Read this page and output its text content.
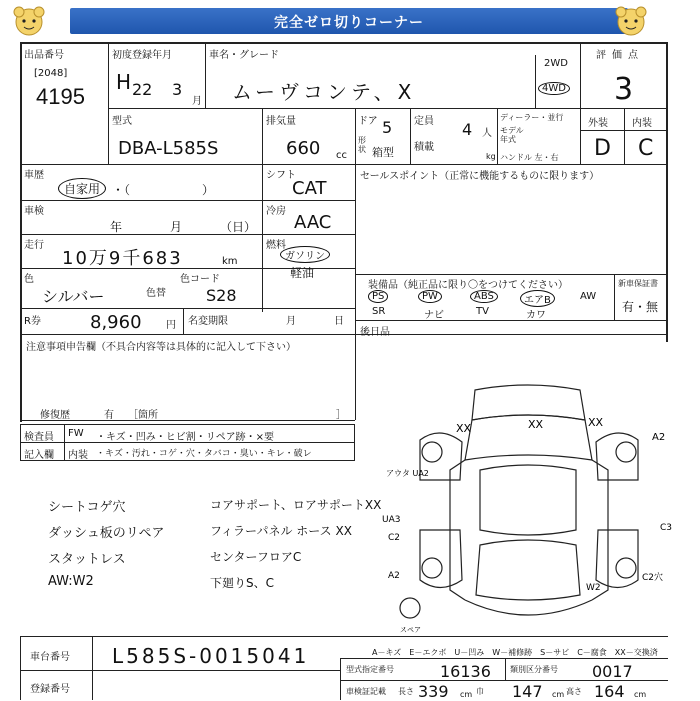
完全ゼロ切りコーナー
出品番号
[2048]
4195
初度登録年月
H 22 3
月
車名・グレード
ムーヴコンテ、X
2WD
4WD
評価点
3
外装 内装
D C
型式
DBA-L585S
排気量
660 cc
ドア 5
形状 箱型
定員 4 人
積載
kg
ディーラー・並行
モデル年式
ハンドル 左・右
車歴
自家用 ・（　　　　　　）
シフト
CAT
セールスポイント（正常に機能するものに限ります）
車検
年	月	（日）
冷房
AAC
走行
10万9千683	km
燃料
ガソリン
軽油
色
シルバー	色替
色コード
S28
装備品（純正品に限り〇をつけてください）
PS	PW	ABS	エアB	AW
SR	ナビ	TV	カワ
新車保証書
有・無
R券	8,960 円 名変期限	月	日
後日品
注意事項申告欄（不具合内容等は具体的に記入して下さい）
修復歴	有 ［箇所	］
検査員
記入欄
FW ・キズ・凹み・ヒビ割・リペア跡・×要
内装 ・キズ・汚れ・コゲ・穴・タバコ・臭い・キレ・破レ
シートコゲ穴
ダッシュ板のリペア
スタットレス
AW:W2
コアサポート、ロアサポートXX
フィラーパネル ホース XX
センターフロアC
下廻りS、C
XX	XX	XX
A2
アウタ UA2
UA3
C2
C3
A2
W2
C2穴
スペア
車台番号 L585S-0015041
登録番号
A－キズ　E－エクボ　U－凹み　W－補修跡　S－サビ　C－腐食　XX－交換済
型式指定番号	16136 類別区分番号 0017
車検証記載 長さ 339 cm 巾 147 cm 高さ 164 cm
